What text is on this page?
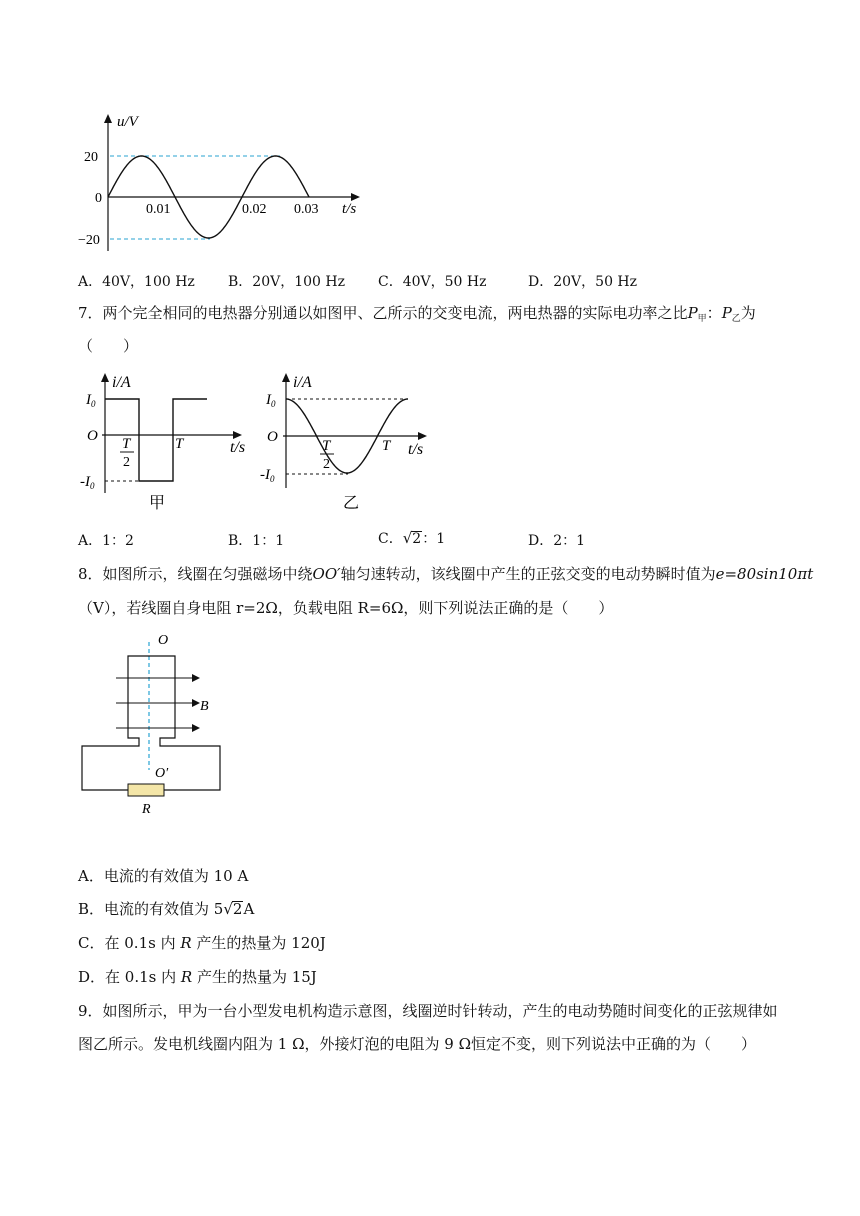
u/V
20
0
−20
0.01	0.02 0.03 t/s
A．40V，100 Hz B．20V，100 Hz C．40V，50 Hz	D．20V，50 Hz
7．两个完全相同的电热器分别通以如图甲、乙所示的交变电流，两电热器的实际电功率之比$P_甲$：$P_乙$为
（　　）
i/A
$I_0$
O
$-I_0$
T
2
T	t/s
甲
i/A
$I_0$
O
$-I_0$
T
2
T t/s
乙
A．1：2	B．1：1	C．√2：1	D．2：1
8．如图所示，线圈在匀强磁场中绕OO′轴匀速转动，该线圈中产生的正弦交变的电动势瞬时值为e=80sin10πt
（V），若线圈自身电阻 r=2Ω，负载电阻 R=6Ω，则下列说法正确的是（　　）
O
B
O′
R
A．电流的有效值为 10 A
B．电流的有效值为 5√2A
C．在 0.1s 内 R 产生的热量为 120J
D．在 0.1s 内 R 产生的热量为 15J
9．如图所示，甲为一台小型发电机构造示意图，线圈逆时针转动，产生的电动势随时间变化的正弦规律如
图乙所示。发电机线圈内阻为 1 Ω，外接灯泡的电阻为 9 Ω恒定不变，则下列说法中正确的为（　　）
